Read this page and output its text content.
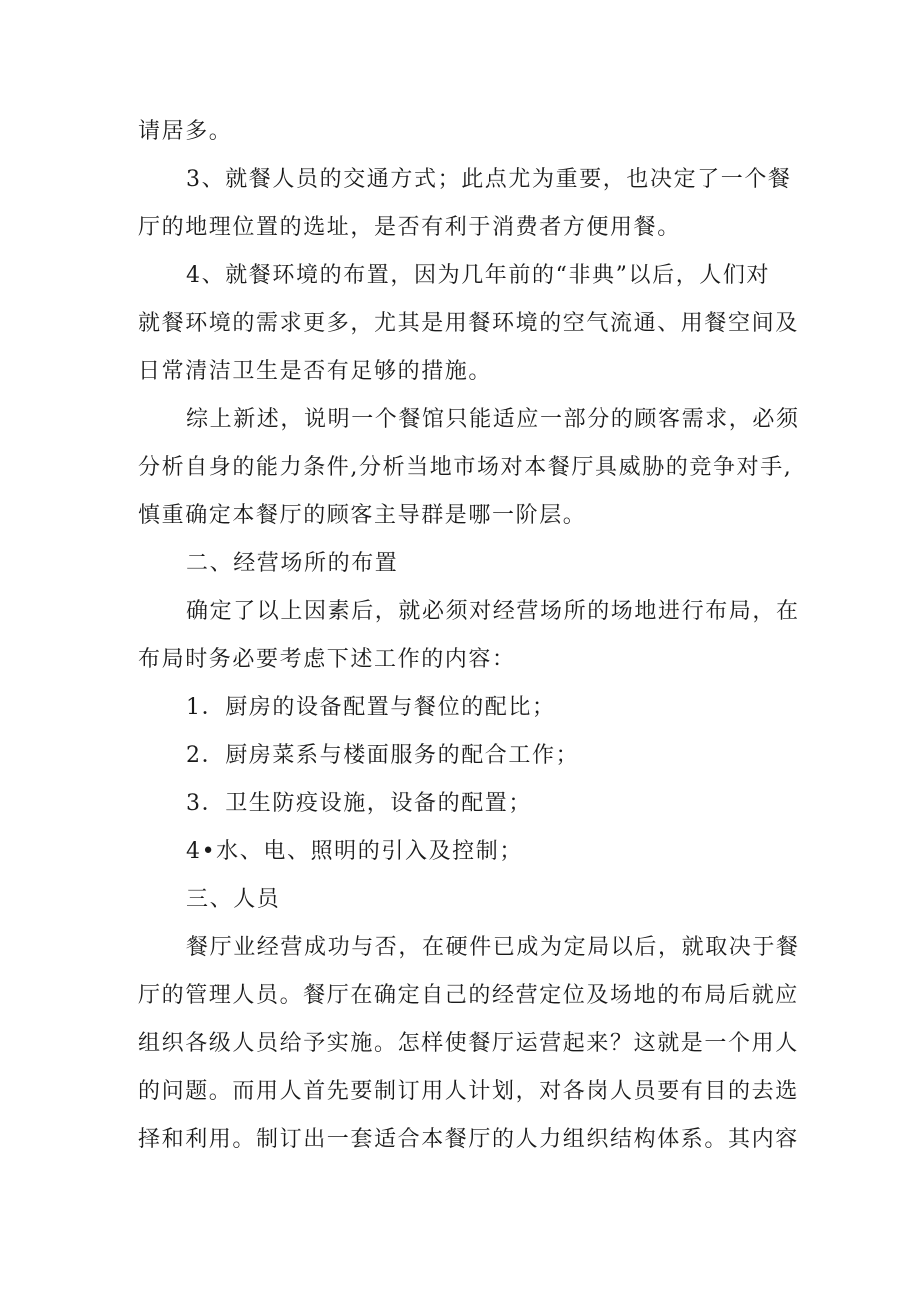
请居多。
3、就餐人员的交通方式；此点尤为重要，也决定了一个餐
厅的地理位置的选址，是否有利于消费者方便用餐。
4、就餐环境的布置，因为几年前的“非典”以后，人们对
就餐环境的需求更多，尤其是用餐环境的空气流通、用餐空间及
日常清洁卫生是否有足够的措施。
综上新述，说明一个餐馆只能适应一部分的顾客需求，必须
分析自身的能力条件,分析当地市场对本餐厅具威胁的竞争对手,
慎重确定本餐厅的顾客主导群是哪一阶层。
二、经营场所的布置
确定了以上因素后，就必须对经营场所的场地进行布局，在
布局时务必要考虑下述工作的内容：
1．厨房的设备配置与餐位的配比；
2．厨房菜系与楼面服务的配合工作；
3．卫生防疫设施，设备的配置；
4•水、电、照明的引入及控制；
三、人员
餐厅业经营成功与否，在硬件已成为定局以后，就取决于餐
厅的管理人员。餐厅在确定自己的经营定位及场地的布局后就应
组织各级人员给予实施。怎样使餐厅运营起来？这就是一个用人
的问题。而用人首先要制订用人计划，对各岗人员要有目的去选
择和利用。制订出一套适合本餐厅的人力组织结构体系。其内容
